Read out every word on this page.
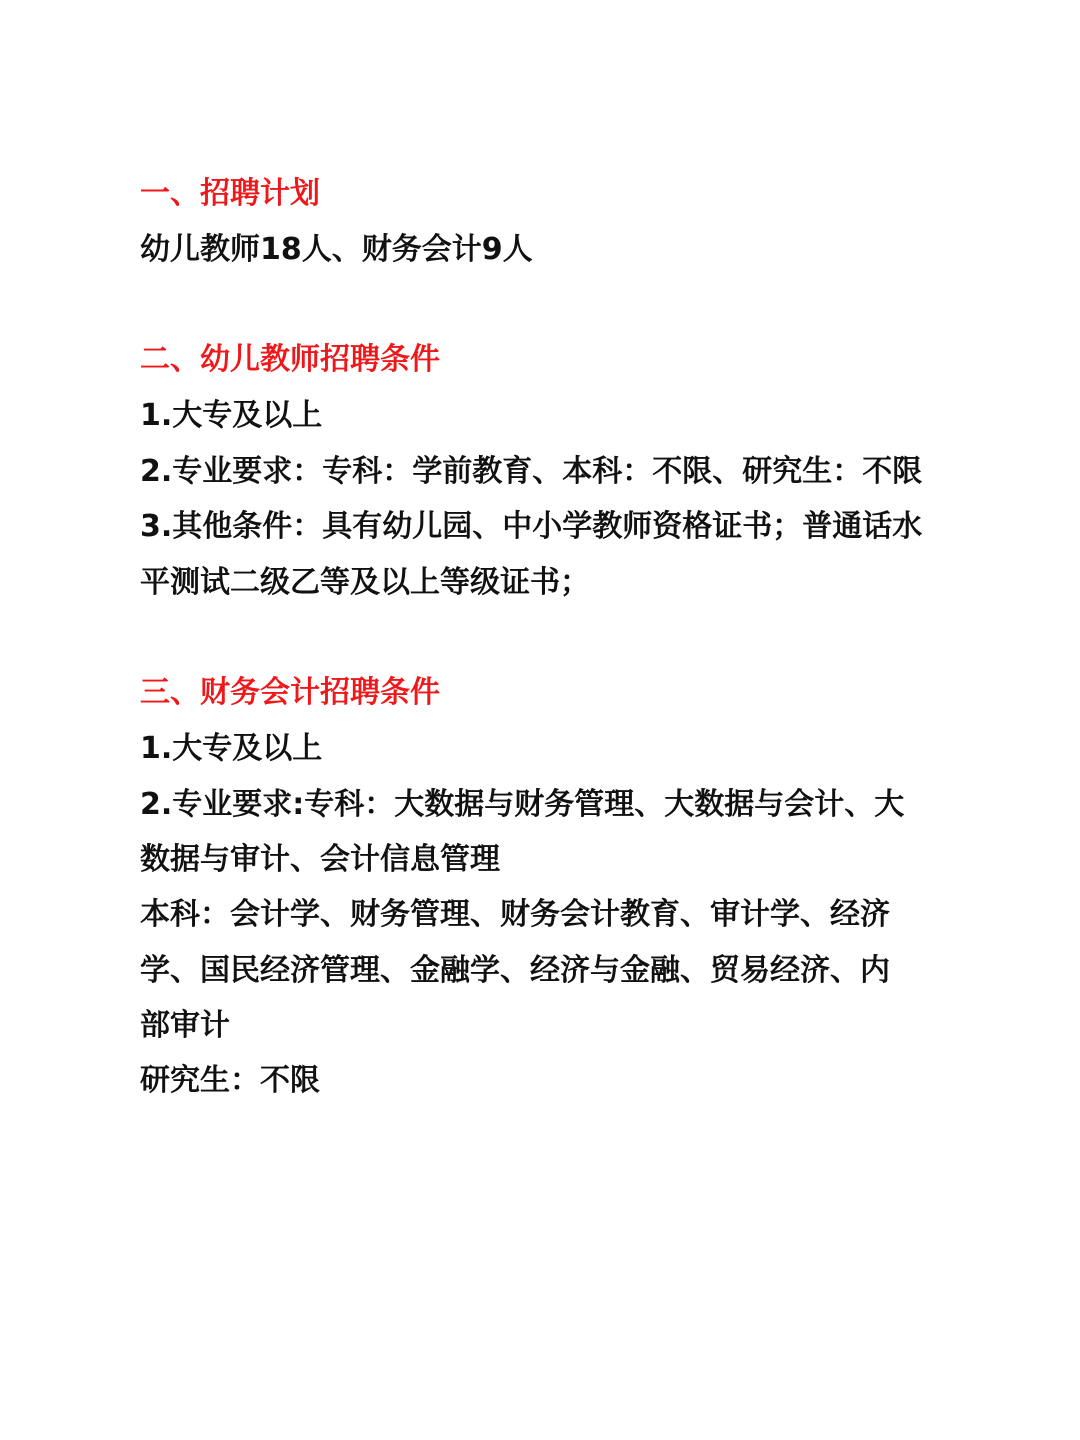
一、招聘计划
幼儿教师18人、财务会计9人
二、幼儿教师招聘条件
1.大专及以上
2.专业要求：专科：学前教育、本科：不限、研究生：不限
3.其他条件：具有幼儿园、中小学教师资格证书；普通话水
平测试二级乙等及以上等级证书；
三、财务会计招聘条件
1.大专及以上
2.专业要求:专科：大数据与财务管理、大数据与会计、大
数据与审计、会计信息管理
本科：会计学、财务管理、财务会计教育、审计学、经济
学、国民经济管理、金融学、经济与金融、贸易经济、内
部审计
研究生：不限
